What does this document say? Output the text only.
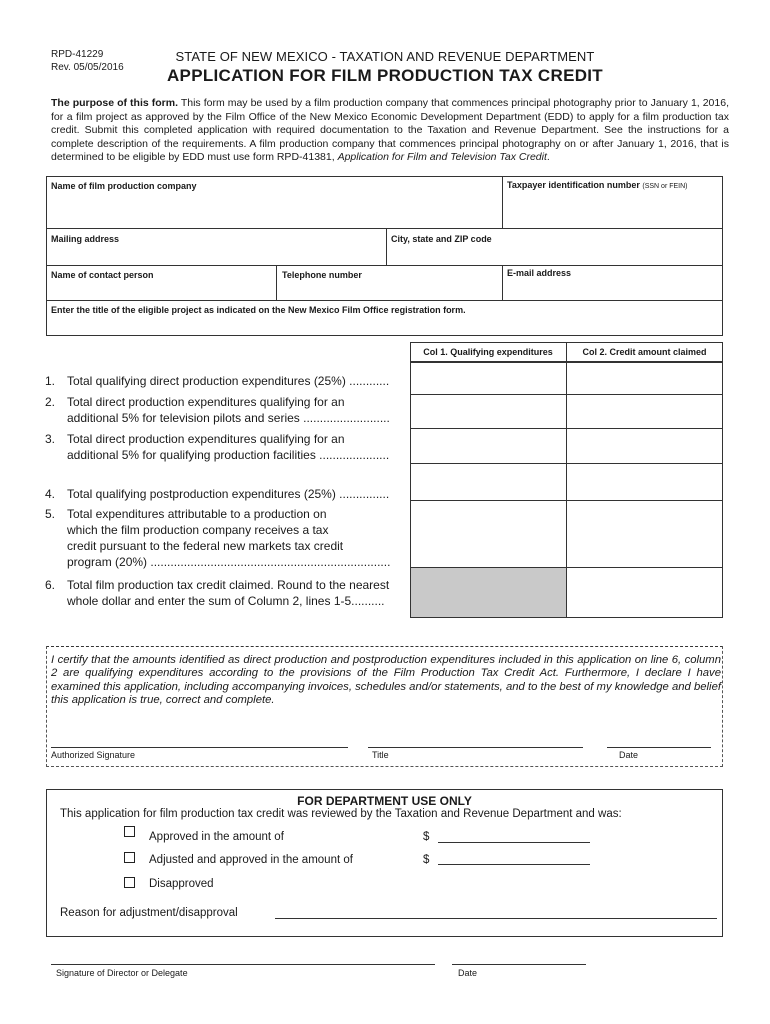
RPD-41229
Rev. 05/05/2016
STATE OF NEW MEXICO - TAXATION AND REVENUE DEPARTMENT
APPLICATION FOR FILM PRODUCTION TAX CREDIT
The purpose of this form. This form may be used by a film production company that commences principal photography prior to January 1, 2016, for a film project as approved by the Film Office of the New Mexico Economic Development Department (EDD) to apply for a film production tax credit. Submit this completed application with required documentation to the Taxation and Revenue Department. See the instructions for a complete description of the requirements. A film production company that commences principal photography on or after January 1, 2016, that is determined to be eligible by EDD must use form RPD-41381, Application for Film and Television Tax Credit.
Name of film production company	Taxpayer identification number (SSN or FEIN)
Mailing address	City, state and ZIP code
Name of contact person	Telephone number	E-mail address
Enter the title of the eligible project as indicated on the New Mexico Film Office registration form.
Col 1. Qualifying expenditures	Col 2. Credit amount claimed
1. Total qualifying direct production expenditures (25%) ............
2. Total direct production expenditures qualifying for an
additional 5% for television pilots and series ..........................
3. Total direct production expenditures qualifying for an
additional 5% for qualifying production facilities .....................
4. Total qualifying postproduction expenditures (25%) ...............
5. Total expenditures attributable to a production on
which the film production company receives a tax
credit pursuant to the federal new markets tax credit
program (20%) ........................................................................
6. Total film production tax credit claimed. Round to the nearest
whole dollar and enter the sum of Column 2, lines 1-5..........
I certify that the amounts identified as direct production and postproduction expenditures included in this application on line 6, column 2 are qualifying expenditures according to the provisions of the Film Production Tax Credit Act. Furthermore, I declare I have examined this application, including accompanying invoices, schedules and/or statements, and to the best of my knowledge and belief this application is true, correct and complete.
Authorized Signature	Title	Date
FOR DEPARTMENT USE ONLY
This application for film production tax credit was reviewed by the Taxation and Revenue Department and was:
Approved in the amount of	$
Adjusted and approved in the amount of	$
Disapproved
Reason for adjustment/disapproval
Signature of Director or Delegate	Date
